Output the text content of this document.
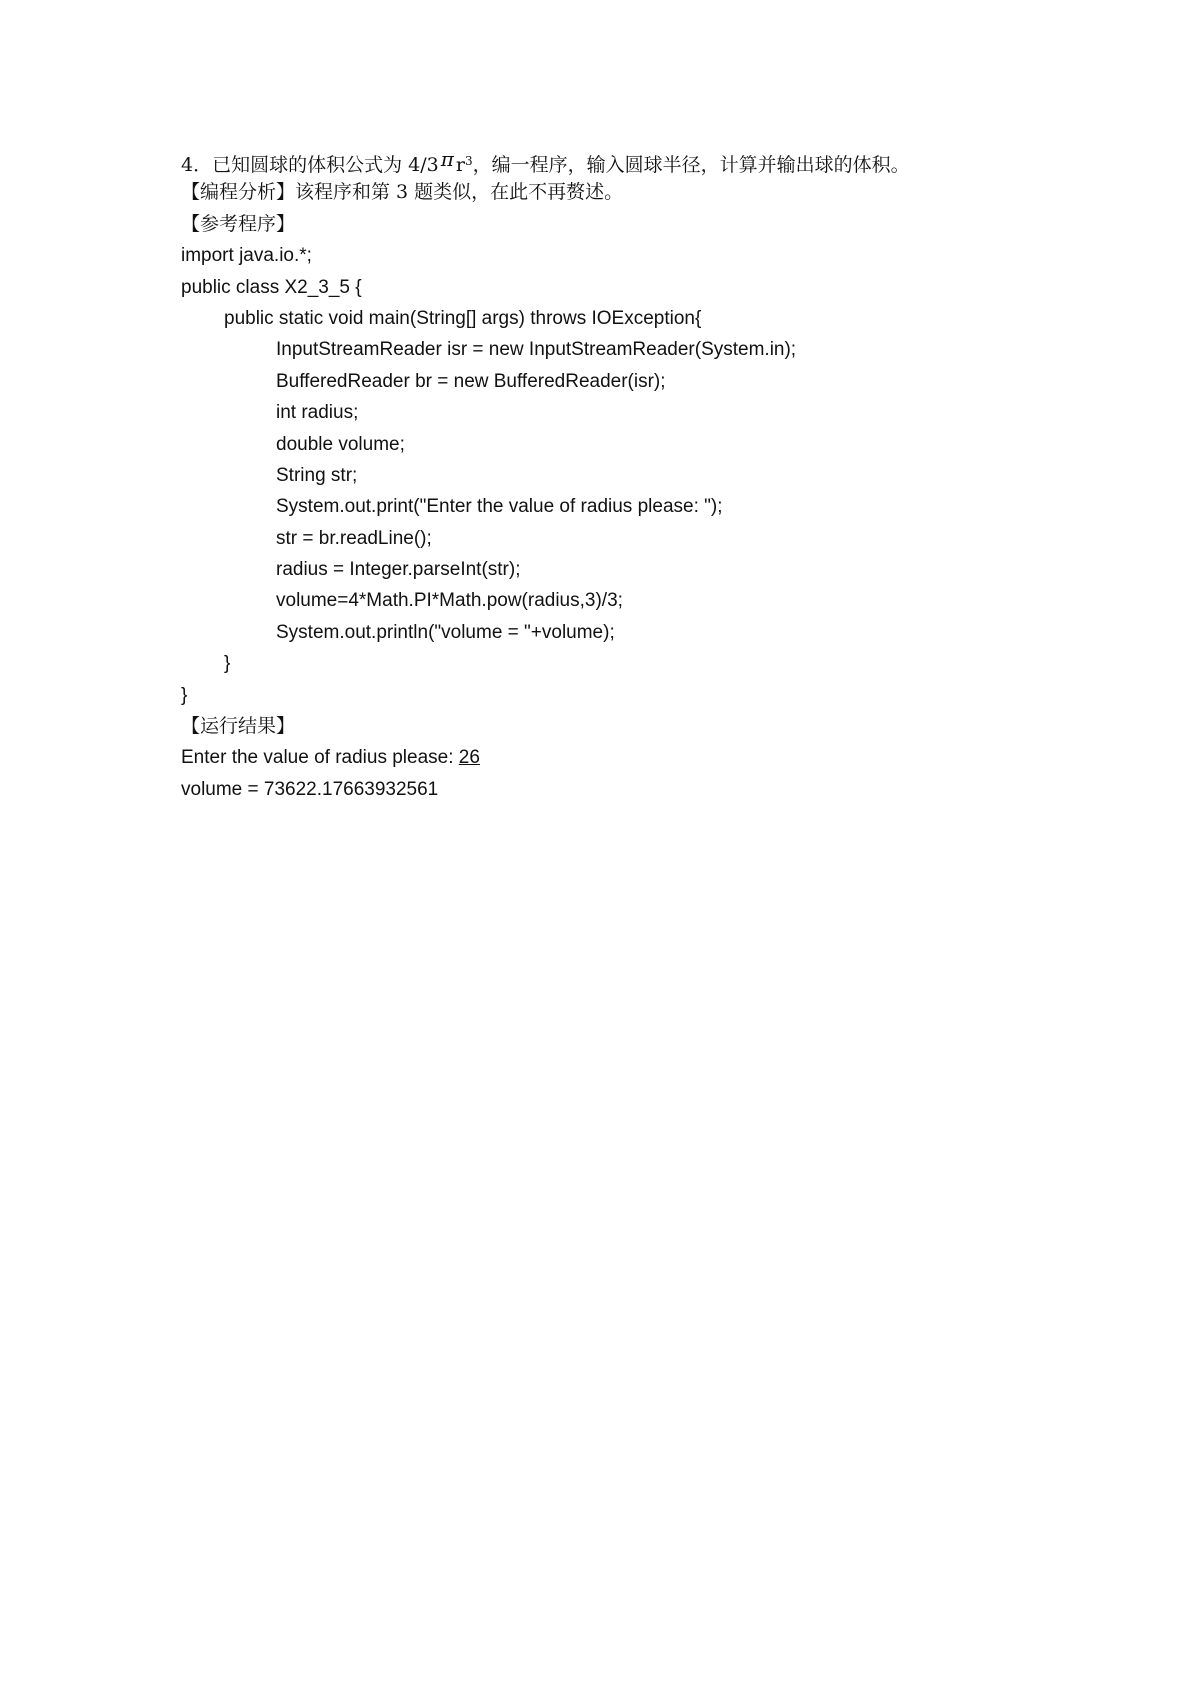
4．已知圆球的体积公式为 4/3 π $r^3$，编一程序，输入圆球半径，计算并输出球的体积。
【编程分析】该程序和第 3 题类似，在此不再赘述。
【参考程序】
import java.io.*;
public class X2_3_5 {
public static void main(String[] args) throws IOException{
InputStreamReader isr = new InputStreamReader(System.in);
BufferedReader br = new BufferedReader(isr);
int radius;
double volume;
String str;
System.out.print("Enter the value of radius please: ");
str = br.readLine();
radius = Integer.parseInt(str);
volume=4*Math.PI*Math.pow(radius,3)/3;
System.out.println("volume = "+volume);
}
}
【运行结果】
Enter the value of radius please: 26
volume = 73622.17663932561
